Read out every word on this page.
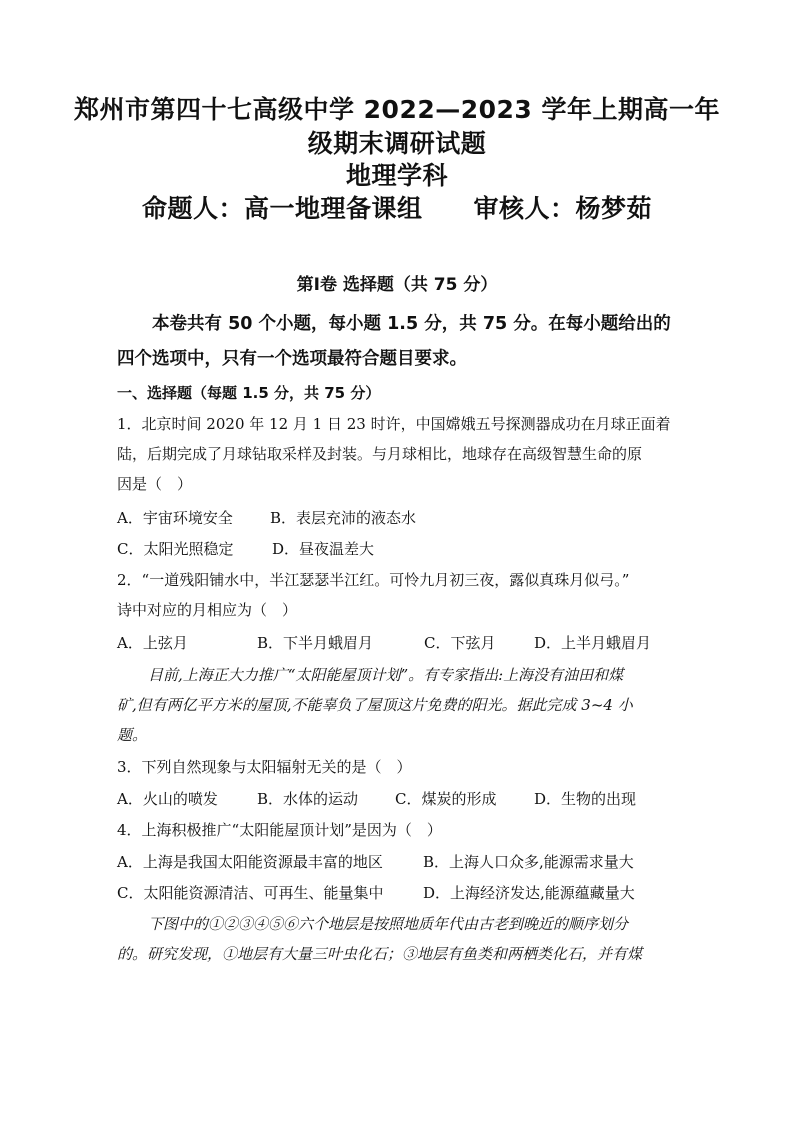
郑州市第四十七高级中学 2022—2023 学年上期高一年
级期末调研试题
地理学科
命题人：高一地理备课组　　审核人：杨梦茹
第Ⅰ卷 选择题（共 75 分）
本卷共有 50 个小题，每小题 1.5 分，共 75 分。在每小题给出的
四个选项中，只有一个选项最符合题目要求。
一、选择题（每题 1.5 分，共 75 分）
1．北京时间 2020 年 12 月 1 日 23 时许，中国嫦娥五号探测器成功在月球正面着
陆，后期完成了月球钻取采样及封装。与月球相比，地球存在高级智慧生命的原
因是（　）
A．宇宙环境安全 B．表层充沛的液态水
C．太阳光照稳定	D．昼夜温差大
2．“一道残阳铺水中，半江瑟瑟半江红。可怜九月初三夜，露似真珠月似弓。”
诗中对应的月相应为（　）
A．上弦月	B．下半月蛾眉月	C．下弦月	D．上半月蛾眉月
目前,上海正大力推广“太阳能屋顶计划”。有专家指出:上海没有油田和煤
矿,但有两亿平方米的屋顶,不能辜负了屋顶这片免费的阳光。据此完成 3~4 小
题。
3．下列自然现象与太阳辐射无关的是（　）
A．火山的喷发	B．水体的运动 C．煤炭的形成	D．生物的出现
4．上海积极推广“太阳能屋顶计划”是因为（　）
A．上海是我国太阳能资源最丰富的地区	B．上海人口众多,能源需求量大
C．太阳能资源清洁、可再生、能量集中	D．上海经济发达,能源蕴藏量大
下图中的①②③④⑤⑥六个地层是按照地质年代由古老到晚近的顺序划分
的。研究发现，①地层有大量三叶虫化石；③地层有鱼类和两栖类化石，并有煤
